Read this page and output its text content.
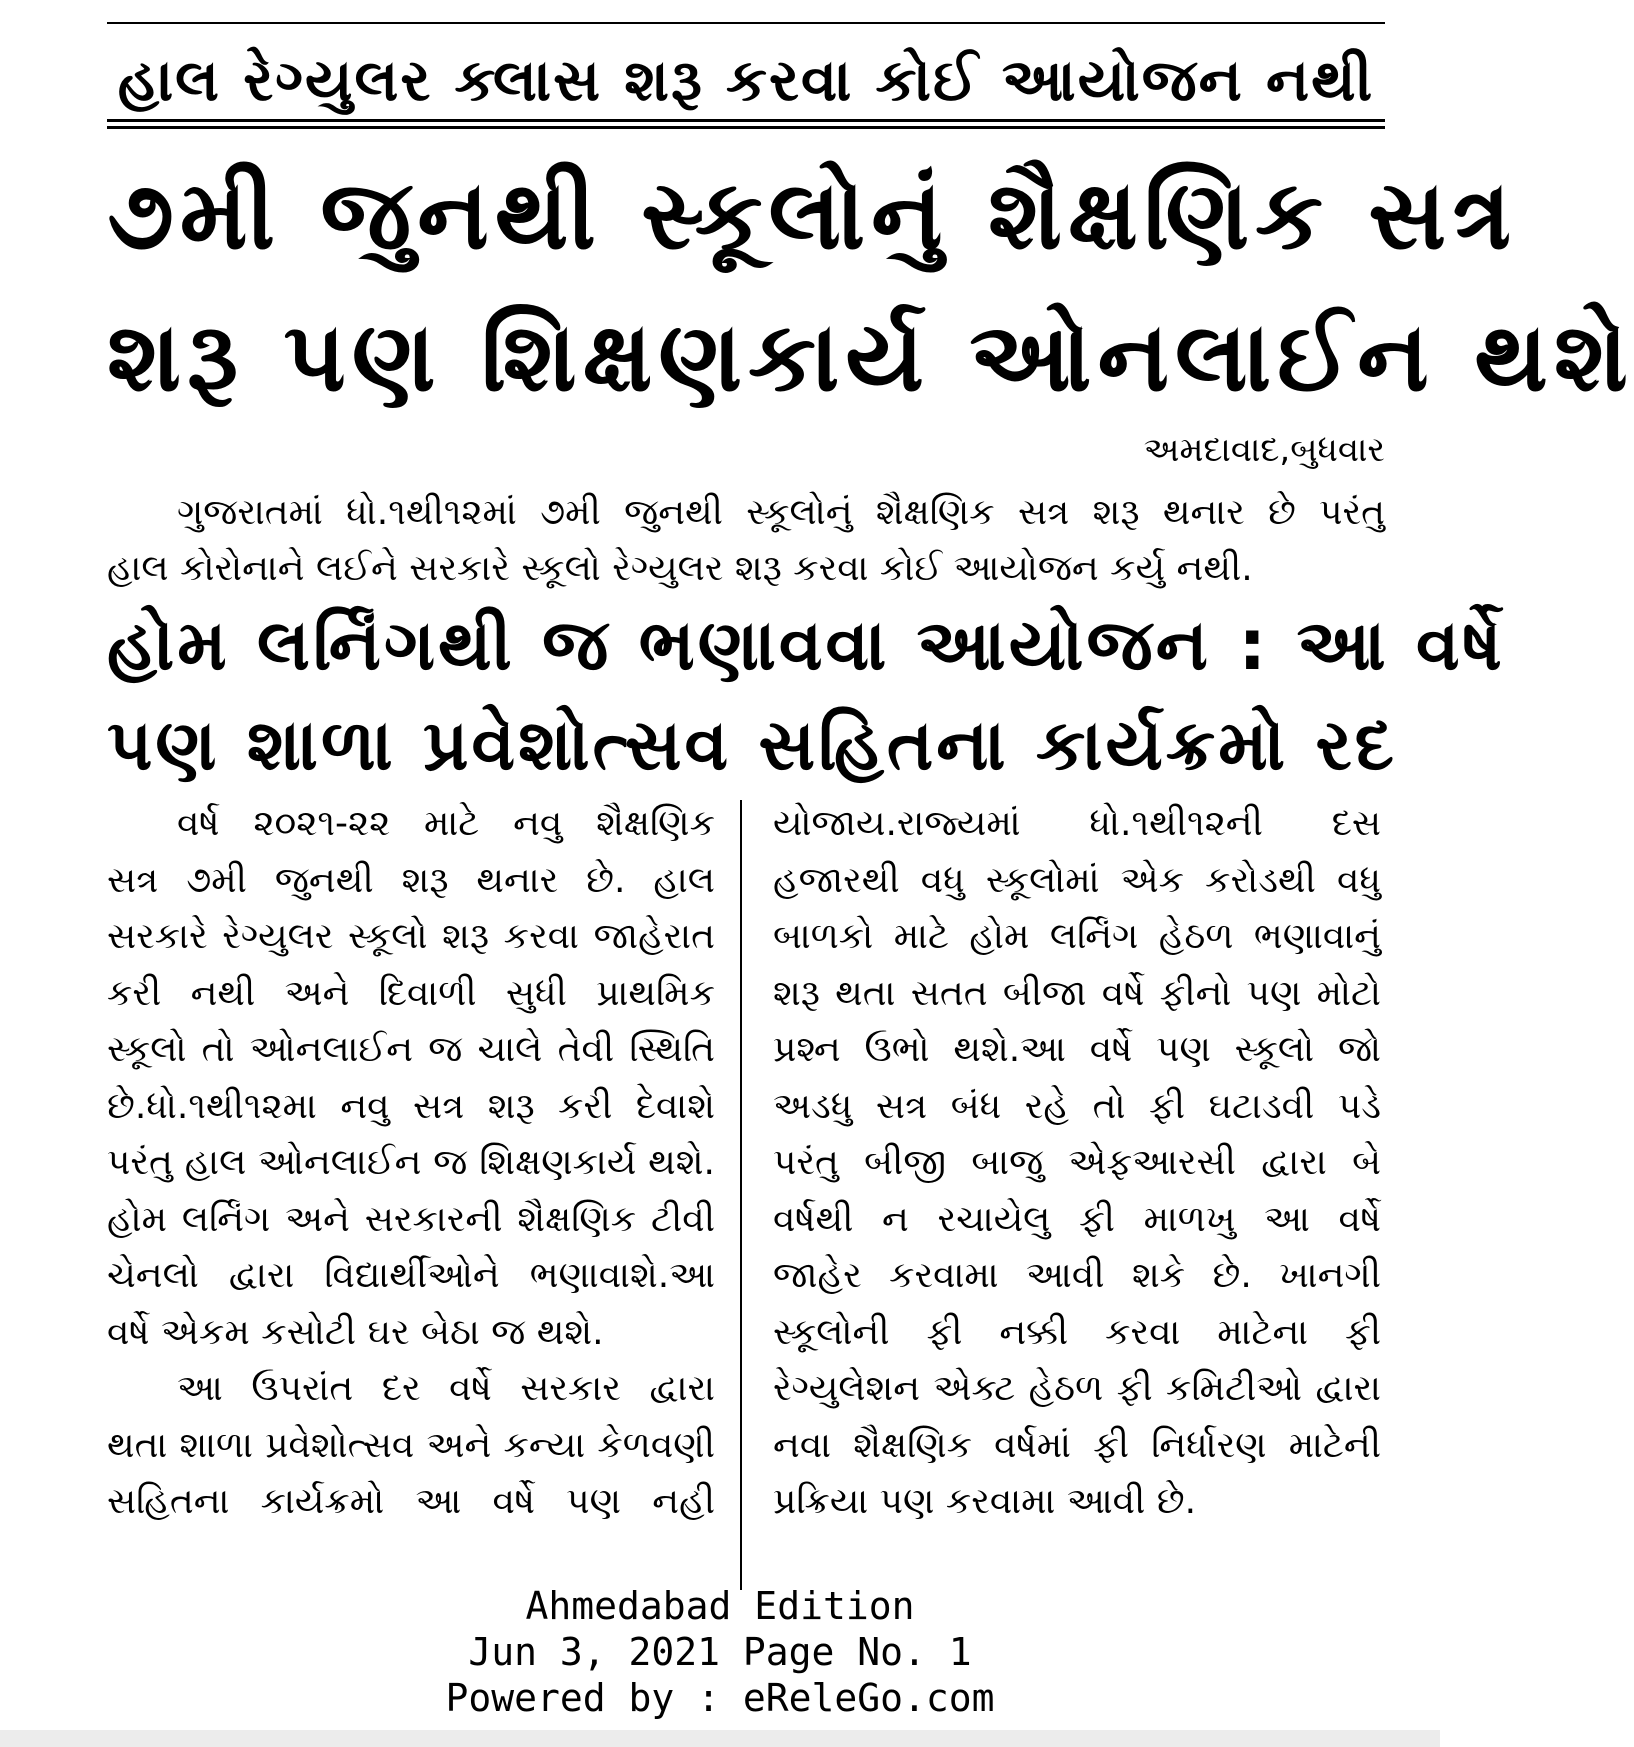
હાલ રેગ્યુલર ક્લાસ શરૂ કરવા કોઈ આયોજન નથી
૭મી જુનથી સ્કૂલોનું શૈક્ષણિક સત્ર
શરૂ પણ શિક્ષણકાર્ય ઓનલાઈન થશે
અમદાવાદ,બુધવાર
ગુજરાતમાં ધો.૧થી૧૨માં ૭મી જુનથી સ્કૂલોનું શૈક્ષણિક સત્ર શરૂ થનાર છે પરંતુ
હાલ કોરોનાને લઈને સરકારે સ્કૂલો રેગ્યુલર શરૂ કરવા કોઈ આયોજન કર્યુ નથી.
હોમ લર્નિંગથી જ ભણાવવા આયોજન : આ વર્ષે
પણ શાળા પ્રવેશોત્સવ સહિતના કાર્યક્રમો રદ
વર્ષ ૨૦૨૧-૨૨ માટે નવુ શૈક્ષણિક
સત્ર ૭મી જુનથી શરૂ થનાર છે. હાલ
સરકારે રેગ્યુલર સ્કૂલો શરૂ કરવા જાહેરાત
કરી નથી અને દિવાળી સુધી પ્રાથમિક
સ્કૂલો તો ઓનલાઈન જ ચાલે તેવી સ્થિતિ
છે.ધો.૧થી૧૨મા નવુ સત્ર શરૂ કરી દેવાશે
પરંતુ હાલ ઓનલાઈન જ શિક્ષણકાર્ય થશે.
હોમ લર્નિંગ અને સરકારની શૈક્ષણિક ટીવી
ચેનલો દ્વારા વિદ્યાર્થીઓને ભણાવાશે.આ
વર્ષે એકમ કસોટી ઘર બેઠા જ થશે.
આ ઉપરાંત દર વર્ષે સરકાર દ્વારા
થતા શાળા પ્રવેશોત્સવ અને કન્યા કેળવણી
સહિતના કાર્યક્રમો આ વર્ષે પણ નહી
યોજાય.રાજ્યમાં ધો.૧થી૧૨ની દસ
હજારથી વધુ સ્કૂલોમાં એક કરોડથી વધુ
બાળકો માટે હોમ લર્નિંગ હેઠળ ભણાવાનું
શરૂ થતા સતત બીજા વર્ષે ફીનો પણ મોટો
પ્રશ્ન ઉભો થશે.આ વર્ષે પણ સ્કૂલો જો
અડધુ સત્ર બંધ રહે તો ફી ઘટાડવી પડે
પરંતુ બીજી બાજુ એફઆરસી દ્વારા બે
વર્ષથી ન રચાયેલુ ફી માળખુ આ વર્ષે
જાહેર કરવામા આવી શકે છે. ખાનગી
સ્કૂલોની ફી નક્કી કરવા માટેના ફી
રેગ્યુલેશન એક્ટ હેઠળ ફી કમિટીઓ દ્વારા
નવા શૈક્ષણિક વર્ષમાં ફી નિર્ધારણ માટેની
પ્રક્રિયા પણ કરવામા આવી છે.
Ahmedabad Edition
Jun 3, 2021 Page No. 1
Powered by : eReleGo.com
